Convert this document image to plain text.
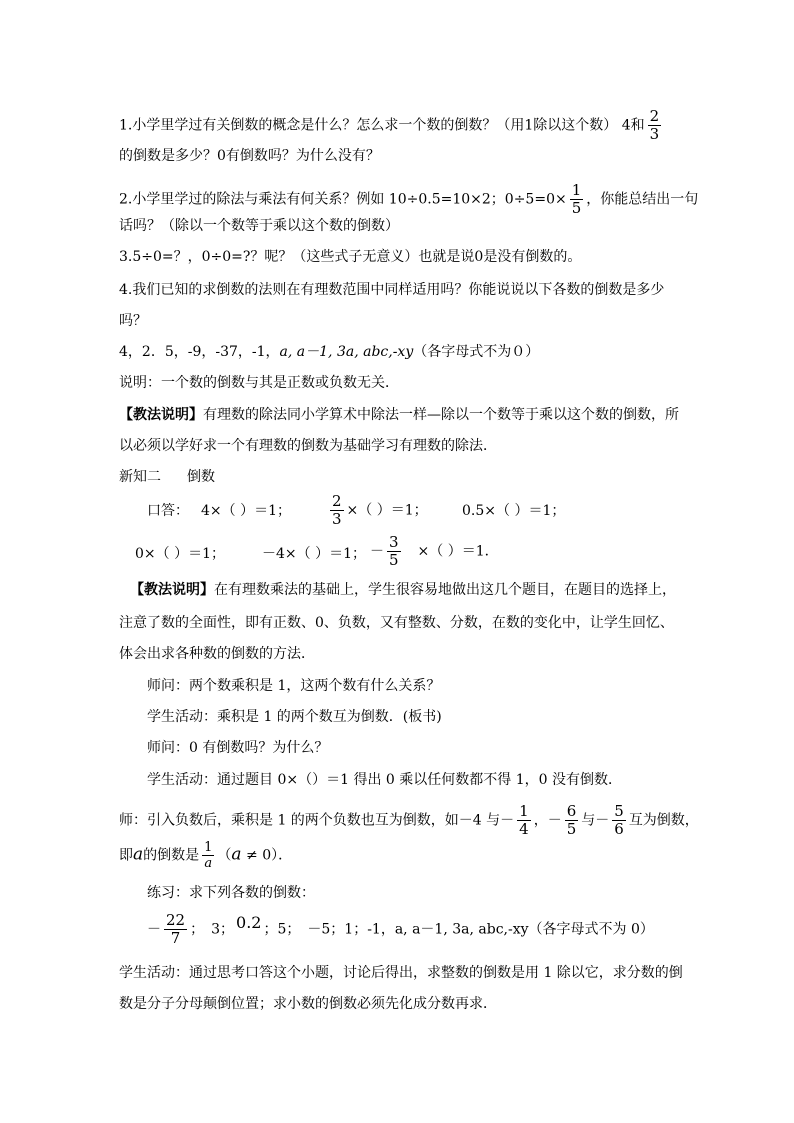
1.小学里学过有关倒数的概念是什么？怎么求一个数的倒数？（用1除以这个数） 4和 $\frac{2}{3}$
的倒数是多少？0有倒数吗？为什么没有？
2.小学里学过的除法与乘法有何关系？例如 10÷0.5=10×2；$0\div 5=0\times \frac{1}{5}$ ，你能总结出一句
话吗？（除以一个数等于乘以这个数的倒数）
3.5÷0=？，0÷0=?？呢？（这些式子无意义）也就是说0是没有倒数的。
4.我们已知的求倒数的法则在有理数范围中同样适用吗？你能说说以下各数的倒数是多少
吗？
4，2．5，-9，-37，-1，a, a－1, 3a, abc,-xy（各字母式不为０）
说明：一个数的倒数与其是正数或负数无关．
【教法说明】有理数的除法同小学算术中除法一样—除以一个数等于乘以这个数的倒数，所
以必须以学好求一个有理数的倒数为基础学习有理数的除法．
新知二 倒数
口答： 4×（ ）＝1；	$\frac{2}{3}$ ×（ ）＝1； 0.5×（ ）＝1；
0×（ ）＝1；	－4×（ ）＝1； － $\frac{3}{5}$ ×（ ）＝1．
【教法说明】在有理数乘法的基础上，学生很容易地做出这几个题目，在题目的选择上，
注意了数的全面性，即有正数、0、负数，又有整数、分数，在数的变化中，让学生回忆、
体会出求各种数的倒数的方法．
师问：两个数乘积是 1，这两个数有什么关系？
学生活动：乘积是 1 的两个数互为倒数．(板书)
师问：0 有倒数吗？为什么？
学生活动：通过题目 0×（）＝1 得出 0 乘以任何数都不得 1，0 没有倒数．
师：引入负数后，乘积是 1 的两个负数也互为倒数，如－4 与－ $\frac{1}{4}$ ，－ $\frac{6}{5}$ 与－ $\frac{5}{6}$ 互为倒数，
即a的倒数是 $\frac{1}{a} (a \ne 0)$．
练习：求下列各数的倒数：
－ $\frac{22}{7}$ ；　3； 0.2 ；5；　－5；1；-1，a, a－1, 3a, abc,-xy（各字母式不为 0）
学生活动：通过思考口答这个小题，讨论后得出，求整数的倒数是用 1 除以它，求分数的倒
数是分子分母颠倒位置；求小数的倒数必须先化成分数再求．
